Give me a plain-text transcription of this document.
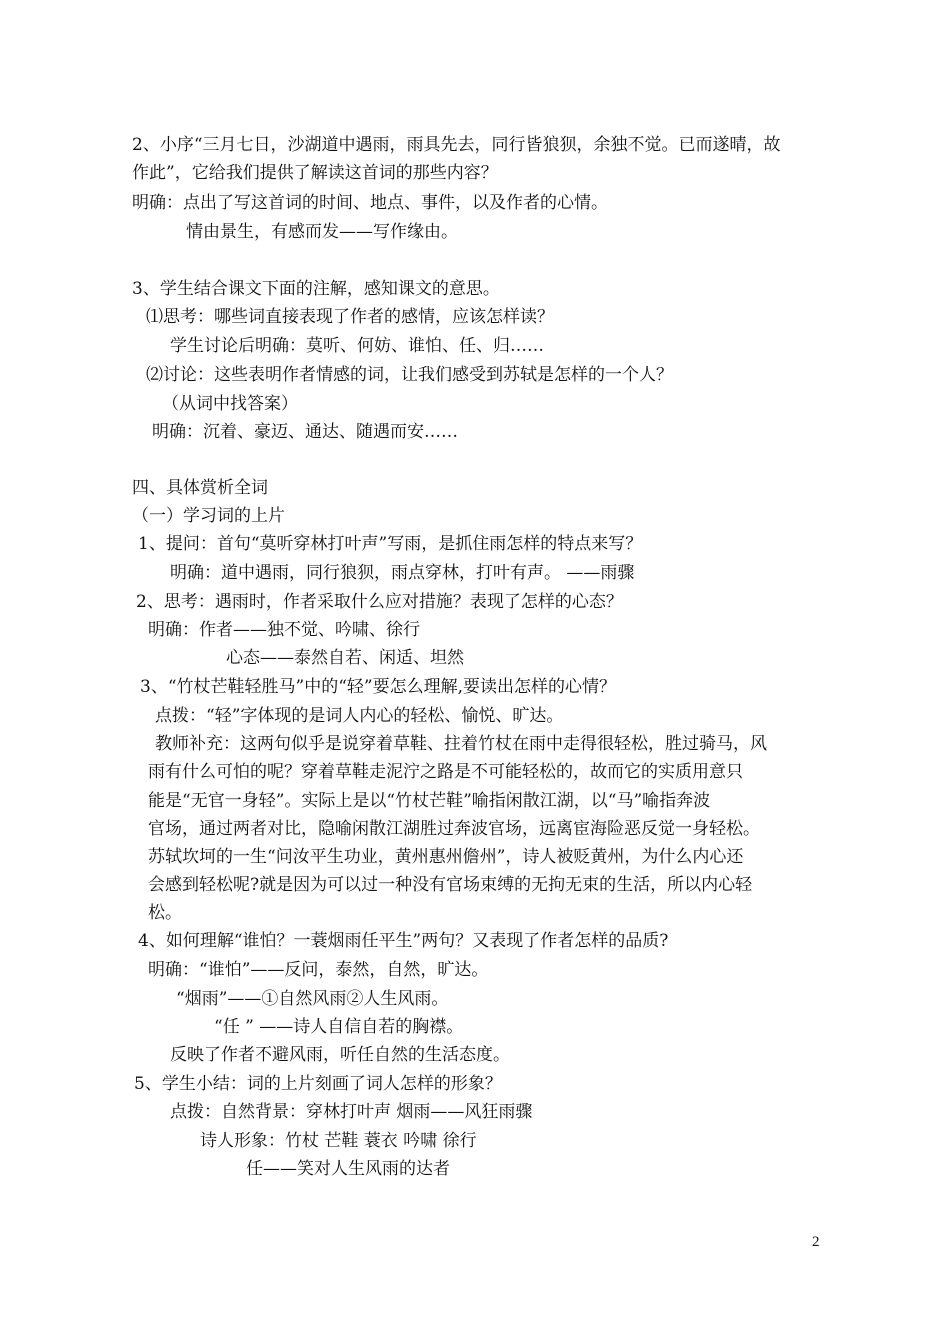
2、小序“三月七日，沙湖道中遇雨，雨具先去，同行皆狼狈，余独不觉。已而遂晴，故
作此”，它给我们提供了解读这首词的那些内容？
明确：点出了写这首词的时间、地点、事件，以及作者的心情。
情由景生，有感而发——写作缘由。
3、学生结合课文下面的注解，感知课文的意思。
⑴思考：哪些词直接表现了作者的感情，应该怎样读？
学生讨论后明确：莫听、何妨、谁怕、任、归……
⑵讨论：这些表明作者情感的词，让我们感受到苏轼是怎样的一个人？
（从词中找答案）
明确：沉着、豪迈、通达、随遇而安……
四、具体赏析全词
（一）学习词的上片
1、提问：首句“莫听穿林打叶声”写雨，是抓住雨怎样的特点来写？
明确：道中遇雨，同行狼狈，雨点穿林，打叶有声。 ——雨骤
2、思考：遇雨时，作者采取什么应对措施？表现了怎样的心态？
明确：作者——独不觉、吟啸、徐行
心态——泰然自若、闲适、坦然
3、“竹杖芒鞋轻胜马”中的“轻”要怎么理解,要读出怎样的心情？
点拨：“轻”字体现的是词人内心的轻松、愉悦、旷达。
教师补充：这两句似乎是说穿着草鞋、拄着竹杖在雨中走得很轻松，胜过骑马，风
雨有什么可怕的呢？穿着草鞋走泥泞之路是不可能轻松的，故而它的实质用意只
能是“无官一身轻”。实际上是以“竹杖芒鞋”喻指闲散江湖，以“马”喻指奔波
官场，通过两者对比，隐喻闲散江湖胜过奔波官场，远离宦海险恶反觉一身轻松。
苏轼坎坷的一生“问汝平生功业，黄州惠州儋州”，诗人被贬黄州，为什么内心还
会感到轻松呢?就是因为可以过一种没有官场束缚的无拘无束的生活，所以内心轻
松。
4、如何理解“谁怕？一蓑烟雨任平生”两句？又表现了作者怎样的品质?
明确：“谁怕”——反问，泰然，自然，旷达。
“烟雨”——①自然风雨②人生风雨。
“任 ” ——诗人自信自若的胸襟。
反映了作者不避风雨，听任自然的生活态度。
5、学生小结：词的上片刻画了词人怎样的形象？
点拨：自然背景：穿林打叶声 烟雨——风狂雨骤
诗人形象：竹杖 芒鞋 蓑衣 吟啸 徐行
任——笑对人生风雨的达者
2
